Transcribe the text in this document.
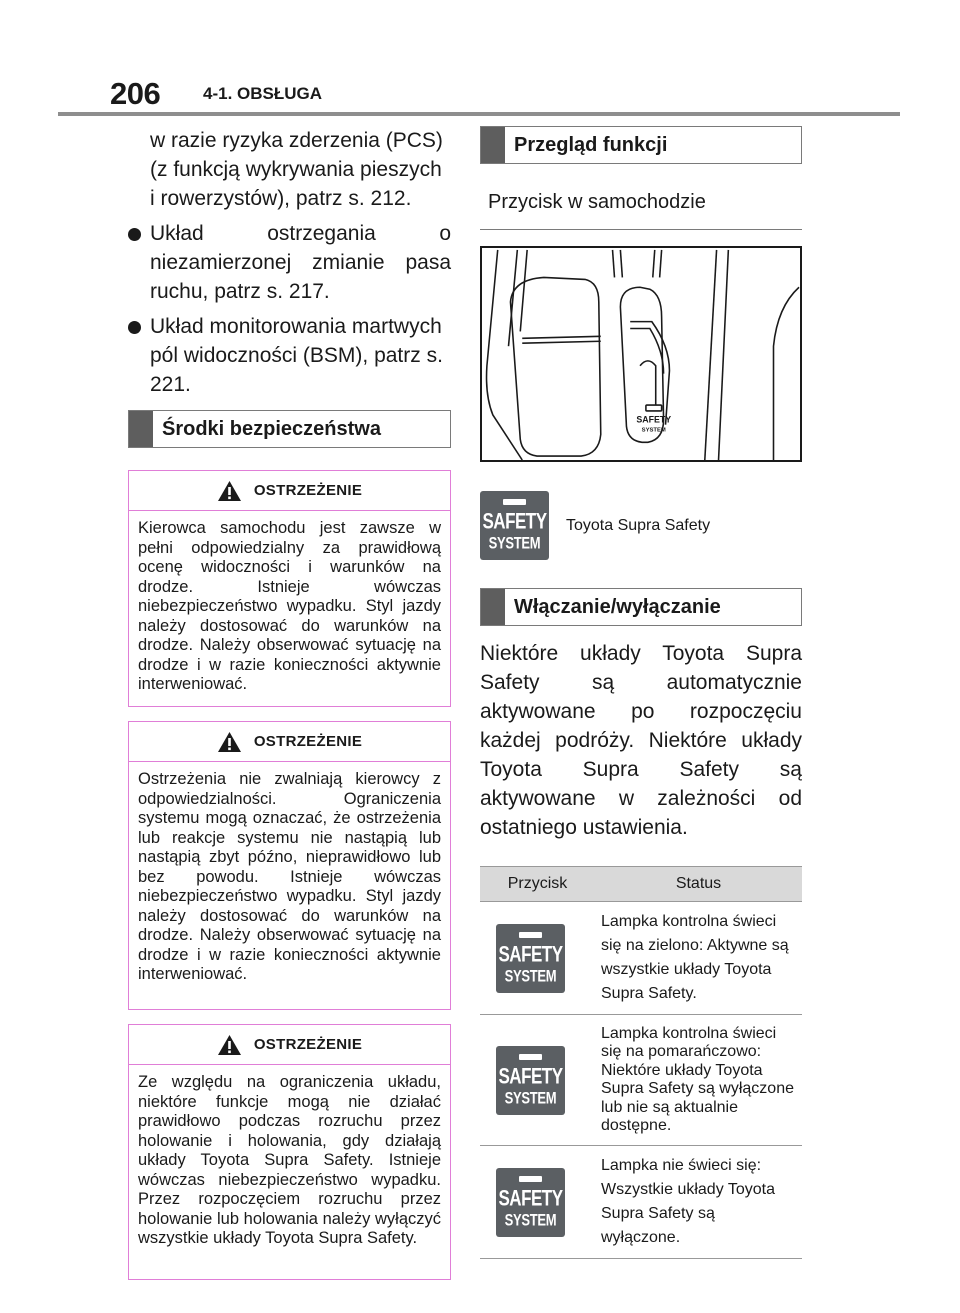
206	4-1. OBSŁUGA
w razie ryzyka zderzenia (PCS)
(z funkcją wykrywania pieszych
i rowerzystów), patrz s. 212.
Układ ostrzegania o niezamierzonej zmianie pasa ruchu, patrz s. 217.
Układ monitorowania martwych pól widoczności (BSM), patrz s. 221.
Środki bezpieczeństwa
OSTRZEŻENIE
Kierowca samochodu jest zawsze w pełni odpowiedzialny za prawidłową ocenę widoczności i warunków na drodze. Istnieje wówczas niebezpieczeństwo wypadku. Styl jazdy należy dostosować do warunków na drodze. Należy obserwować sytuację na drodze i w razie konieczności aktywnie interweniować.
OSTRZEŻENIE
Ostrzeżenia nie zwalniają kierowcy z odpowiedzialności. Ograniczenia systemu mogą oznaczać, że ostrzeżenia lub reakcje systemu nie nastąpią lub nastąpią zbyt późno, nieprawidłowo lub bez powodu. Istnieje wówczas niebezpieczeństwo wypadku. Styl jazdy należy dostosować do warunków na drodze. Należy obserwować sytuację na drodze i w razie konieczności aktywnie interweniować.
OSTRZEŻENIE
Ze względu na ograniczenia układu, niektóre funkcje mogą nie działać prawidłowo podczas rozruchu przez holowanie i holowania, gdy działają układy Toyota Supra Safety. Istnieje wówczas niebezpieczeństwo wypadku. Przez rozpoczęciem rozruchu przez holowanie lub holowania należy wyłączyć wszystkie układy Toyota Supra Safety.
Przegląd funkcji
Przycisk w samochodzie
SAFETY
SYSTEM
SAFETY
SYSTEM
Toyota Supra Safety
Włączanie/wyłączanie
Niektóre układy Toyota Supra Safety są automatycznie aktywowane po rozpoczęciu każdej podróży. Niektóre układy Toyota Supra Safety są aktywowane w zależności od ostatniego ustawienia.
Przycisk	Status

SAFETY
SYSTEM	Lampka kontrolna świeci się na zielono: Aktywne są wszystkie układy Toyota Supra Safety.

SAFETY
SYSTEM	Lampka kontrolna świeci się na pomarańczowo: Niektóre układy Toyota Supra Safety są wyłączone lub nie są aktualnie dostępne.

SAFETY
SYSTEM	Lampka nie świeci się: Wszystkie układy Toyota Supra Safety są wyłączone.
